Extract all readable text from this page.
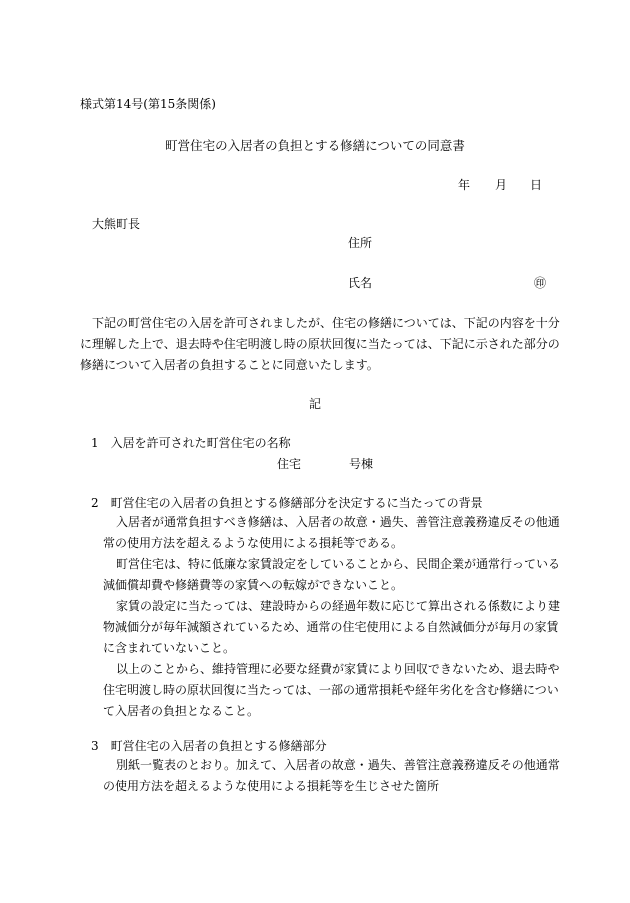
様式第14号(第15条関係)
町営住宅の入居者の負担とする修繕についての同意書
年 月 日
大熊町長
住所
氏名	㊞
下記の町営住宅の入居を許可されましたが、住宅の修繕については、下記の内容を十分
に理解した上で、退去時や住宅明渡し時の原状回復に当たっては、下記に示された部分の
修繕について入居者の負担することに同意いたします。
記
1　入居を許可された町営住宅の名称
住宅	号棟
2　町営住宅の入居者の負担とする修繕部分を決定するに当たっての背景
入居者が通常負担すべき修繕は、入居者の故意・過失、善管注意義務違反その他通
常の使用方法を超えるような使用による損耗等である。
町営住宅は、特に低廉な家賃設定をしていることから、民間企業が通常行っている
減価償却費や修繕費等の家賃への転嫁ができないこと。
家賃の設定に当たっては、建設時からの経過年数に応じて算出される係数により建
物減価分が毎年減額されているため、通常の住宅使用による自然減価分が毎月の家賃
に含まれていないこと。
以上のことから、維持管理に必要な経費が家賃により回収できないため、退去時や
住宅明渡し時の原状回復に当たっては、一部の通常損耗や経年劣化を含む修繕につい
て入居者の負担となること。
3　町営住宅の入居者の負担とする修繕部分
別紙一覧表のとおり。加えて、入居者の故意・過失、善管注意義務違反その他通常
の使用方法を超えるような使用による損耗等を生じさせた箇所
